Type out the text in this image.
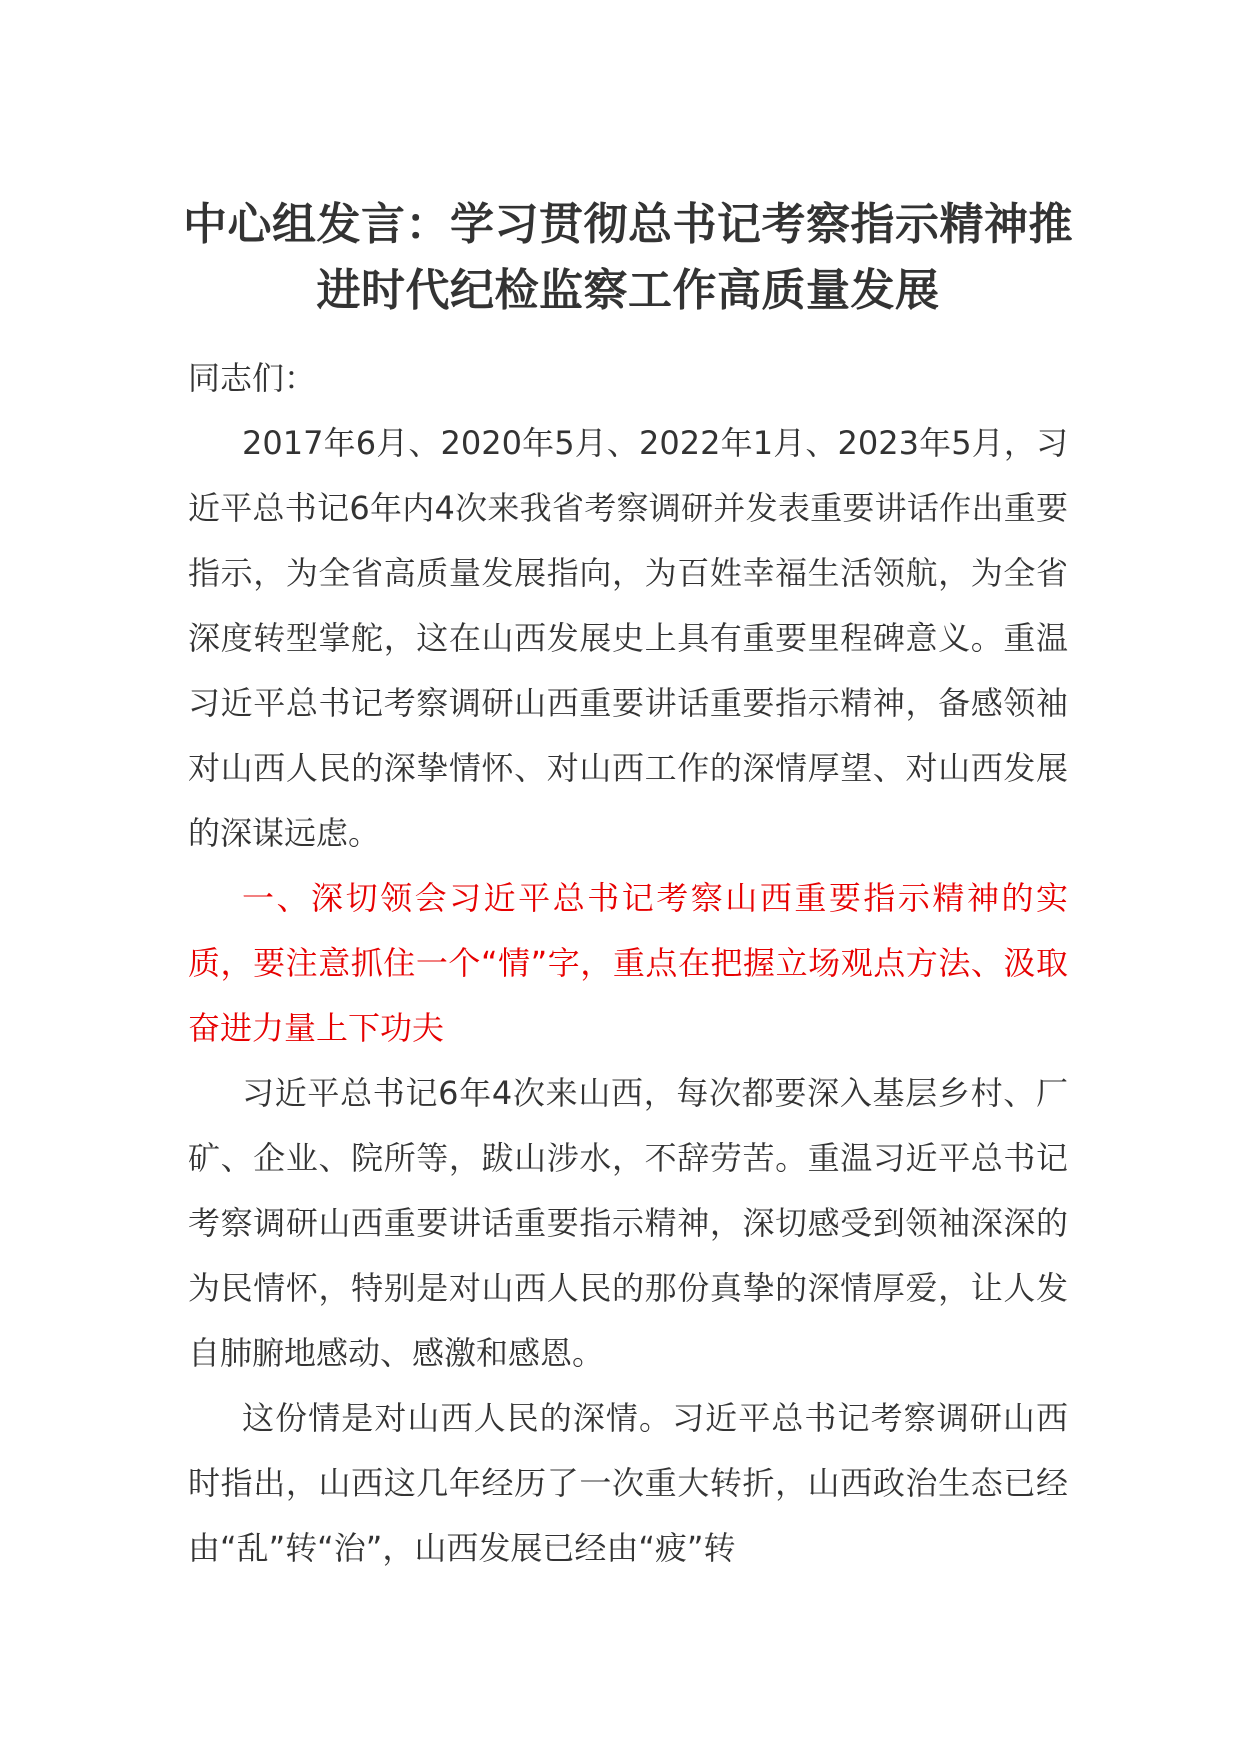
中心组发言：学习贯彻总书记考察指示精神推进时代纪检监察工作高质量发展

同志们：

2017年6月、2020年5月、2022年1月、2023年5月，习近平总书记6年内4次来我省考察调研并发表重要讲话作出重要指示，为全省高质量发展指向，为百姓幸福生活领航，为全省深度转型掌舵，这在山西发展史上具有重要里程碑意义。重温习近平总书记考察调研山西重要讲话重要指示精神，备感领袖对山西人民的深挚情怀、对山西工作的深情厚望、对山西发展的深谋远虑。

一、深切领会习近平总书记考察山西重要指示精神的实质，要注意抓住一个“情”字，重点在把握立场观点方法、汲取奋进力量上下功夫

习近平总书记6年4次来山西，每次都要深入基层乡村、厂矿、企业、院所等，跋山涉水，不辞劳苦。重温习近平总书记考察调研山西重要讲话重要指示精神，深切感受到领袖深深的为民情怀，特别是对山西人民的那份真挚的深情厚爱，让人发自肺腑地感动、感激和感恩。

这份情是对山西人民的深情。习近平总书记考察调研山西时指出，山西这几年经历了一次重大转折，山西政治生态已经由“乱”转“治”，山西发展已经由“疲”转
